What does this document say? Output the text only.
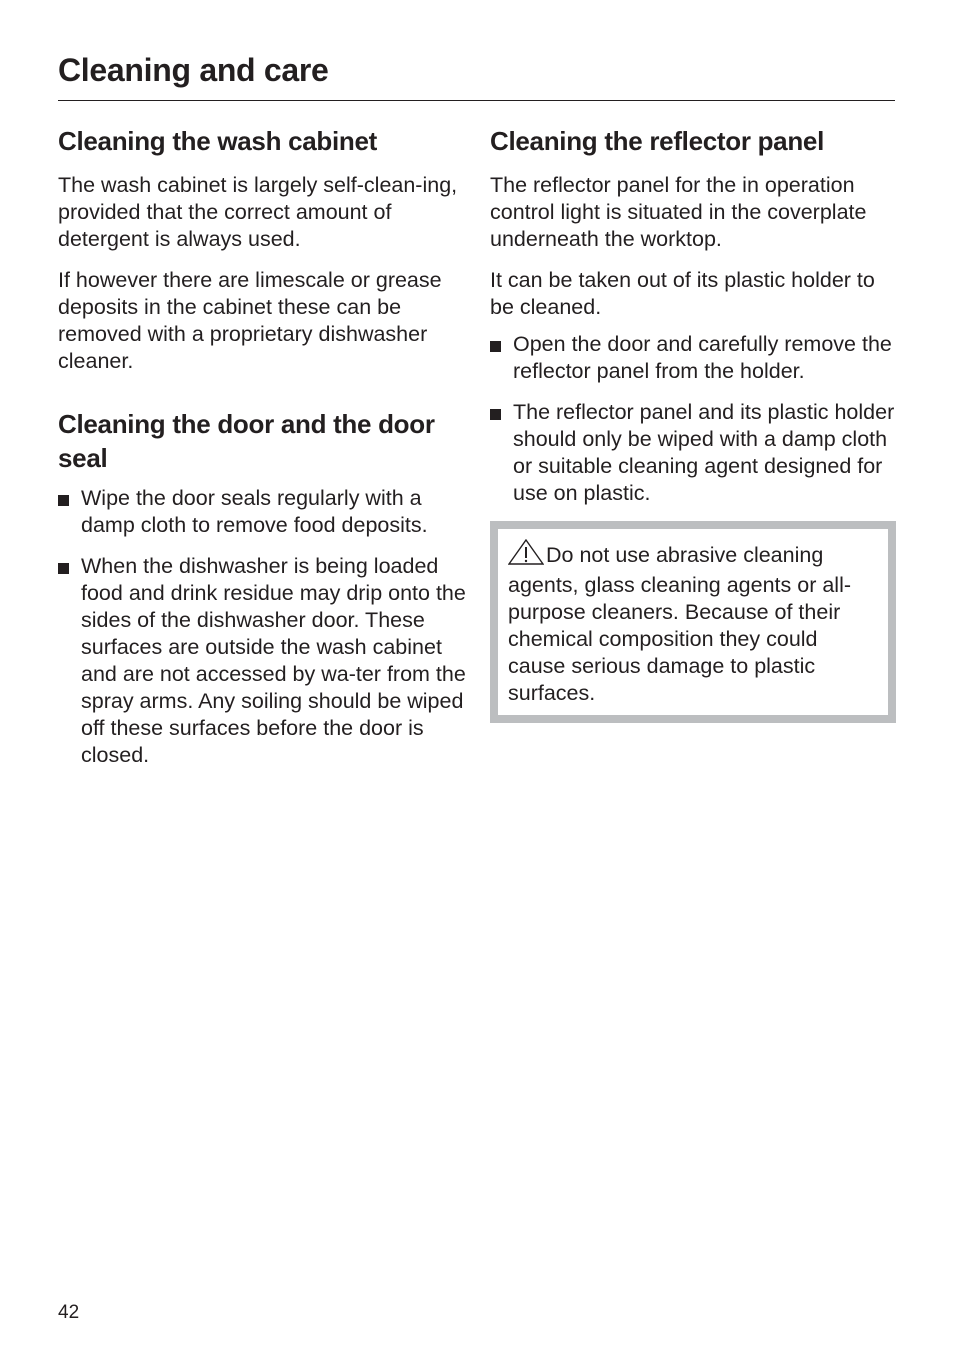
Cleaning and care
Cleaning the wash cabinet

The wash cabinet is largely self-clean-ing, provided that the correct amount of detergent is always used.

If however there are limescale or grease deposits in the cabinet these can be removed with a proprietary dishwasher cleaner.

Cleaning the door and the door seal
Wipe the door seals regularly with a damp cloth to remove food deposits.
When the dishwasher is being loaded food and drink residue may drip onto the sides of the dishwasher door. These surfaces are outside the wash cabinet and are not accessed by wa-ter from the spray arms. Any soiling should be wiped off these surfaces before the door is closed.
Cleaning the reflector panel

The reflector panel for the in operation control light is situated in the coverplate underneath the worktop.

It can be taken out of its plastic holder to be cleaned.

Open the door and carefully remove the reflector panel from the holder.
The reflector panel and its plastic holder should only be wiped with a damp cloth or suitable cleaning agent designed for use on plastic.
Do not use abrasive cleaning agents, glass cleaning agents or all-purpose cleaners. Because of their chemical composition they could cause serious damage to plastic surfaces.
42
